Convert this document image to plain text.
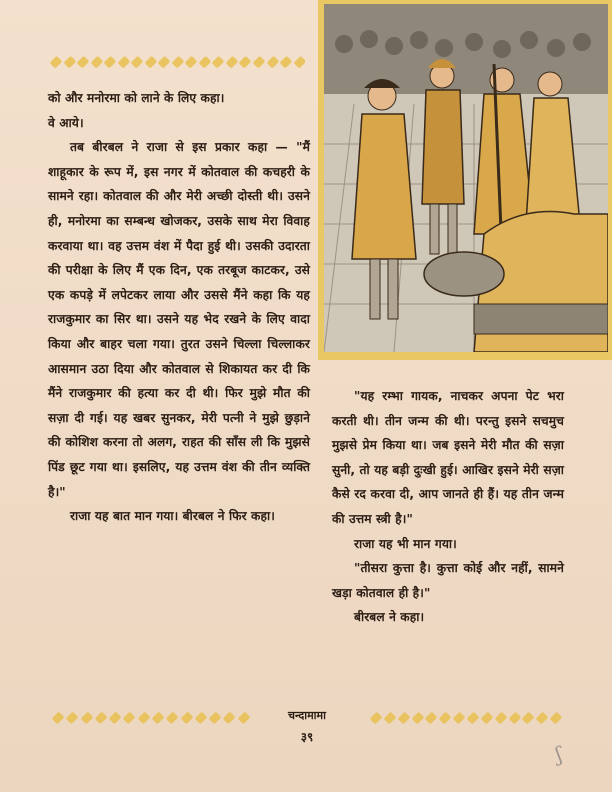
को और मनोरमा को लाने के लिए कहा।

वे आये।

तब बीरबल ने राजा से इस प्रकार कहा — "मैं शाहूकार के रूप में, इस नगर में कोतवाल की कचहरी के सामने रहा। कोतवाल की और मेरी अच्छी दोस्ती थी। उसने ही, मनोरमा का सम्बन्ध खोजकर, उसके साथ मेरा विवाह करवाया था। वह उत्तम वंश में पैदा हुई थी। उसकी उदारता की परीक्षा के लिए मैं एक दिन, एक तरबूज काटकर, उसे एक कपड़े में लपेटकर लाया और उससे मैंने कहा कि यह राजकुमार का सिर था। उसने यह भेद रखने के लिए वादा किया और बाहर चला गया। तुरत उसने चिल्ला चिल्लाकर आसमान उठा दिया और कोतवाल से शिकायत कर दी कि मैंने राजकुमार की हत्या कर दी थी। फिर मुझे मौत की सज़ा दी गई। यह खबर सुनकर, मेरी पत्नी ने मुझे छुड़ाने की कोशिश करना तो अलग, राहत की साँस ली कि मुझसे पिंड छूट गया था। इसलिए, यह उत्तम वंश की तीन व्यक्ति है।"

राजा यह बात मान गया। बीरबल ने फिर कहा।

"यह रम्भा गायक, नाचकर अपना पेट भरा करती थी। तीन जन्म की थी। परन्तु इसने सचमुच मुझसे प्रेम किया था। जब इसने मेरी मौत की सज़ा सुनी, तो यह बड़ी दुःखी हुई। आखिर इसने मेरी सज़ा कैसे रद करवा दी, आप जानते ही हैं। यह तीन जन्म की उत्तम स्त्री है।"

राजा यह भी मान गया।

"तीसरा कुत्ता है। कुत्ता कोई और नहीं, सामने खड़ा कोतवाल ही है।"

बीरबल ने कहा।

चन्दामामा
३९
ʃ
